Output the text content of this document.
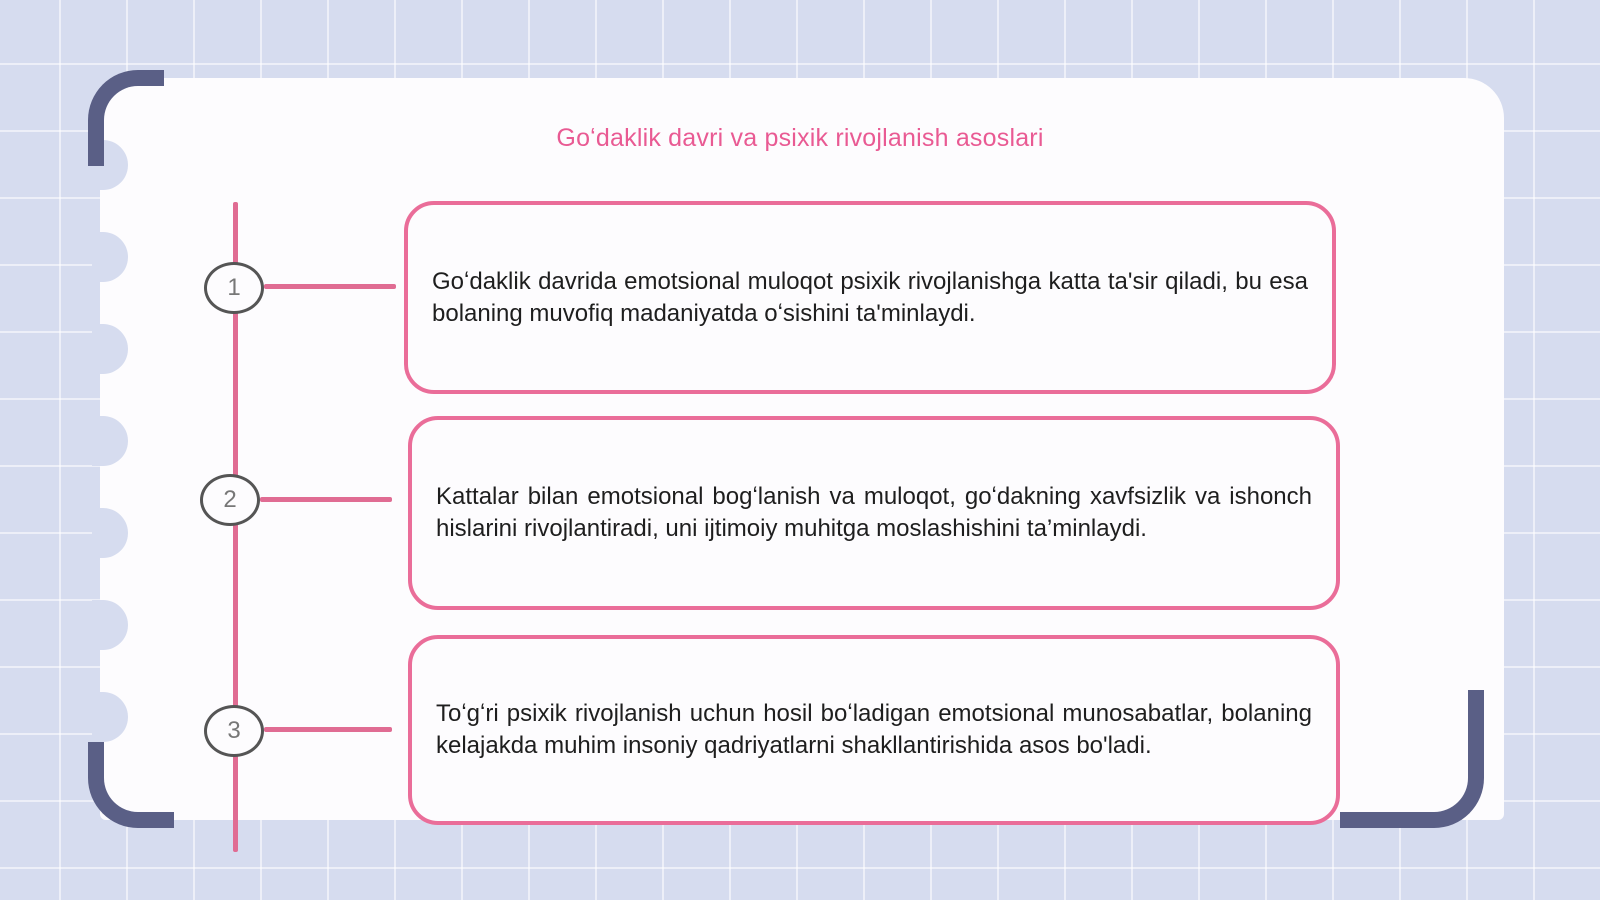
Goʻdaklik davri va psixik rivojlanish asoslari
1
2
3
Goʻdaklik davrida emotsional muloqot psixik rivojlanishga katta ta'sir qiladi, bu esa bolaning muvofiq madaniyatda oʻsishini ta'minlaydi.
Kattalar bilan emotsional bogʻlanish va muloqot, goʻdakning xavfsizlik va ishonch hislarini rivojlantiradi, uni ijtimoiy muhitga moslashishini ta’minlaydi.
Toʻgʻri psixik rivojlanish uchun hosil boʻladigan emotsional munosabatlar, bolaning kelajakda muhim insoniy qadriyatlarni shakllantirishida asos bo'ladi.
